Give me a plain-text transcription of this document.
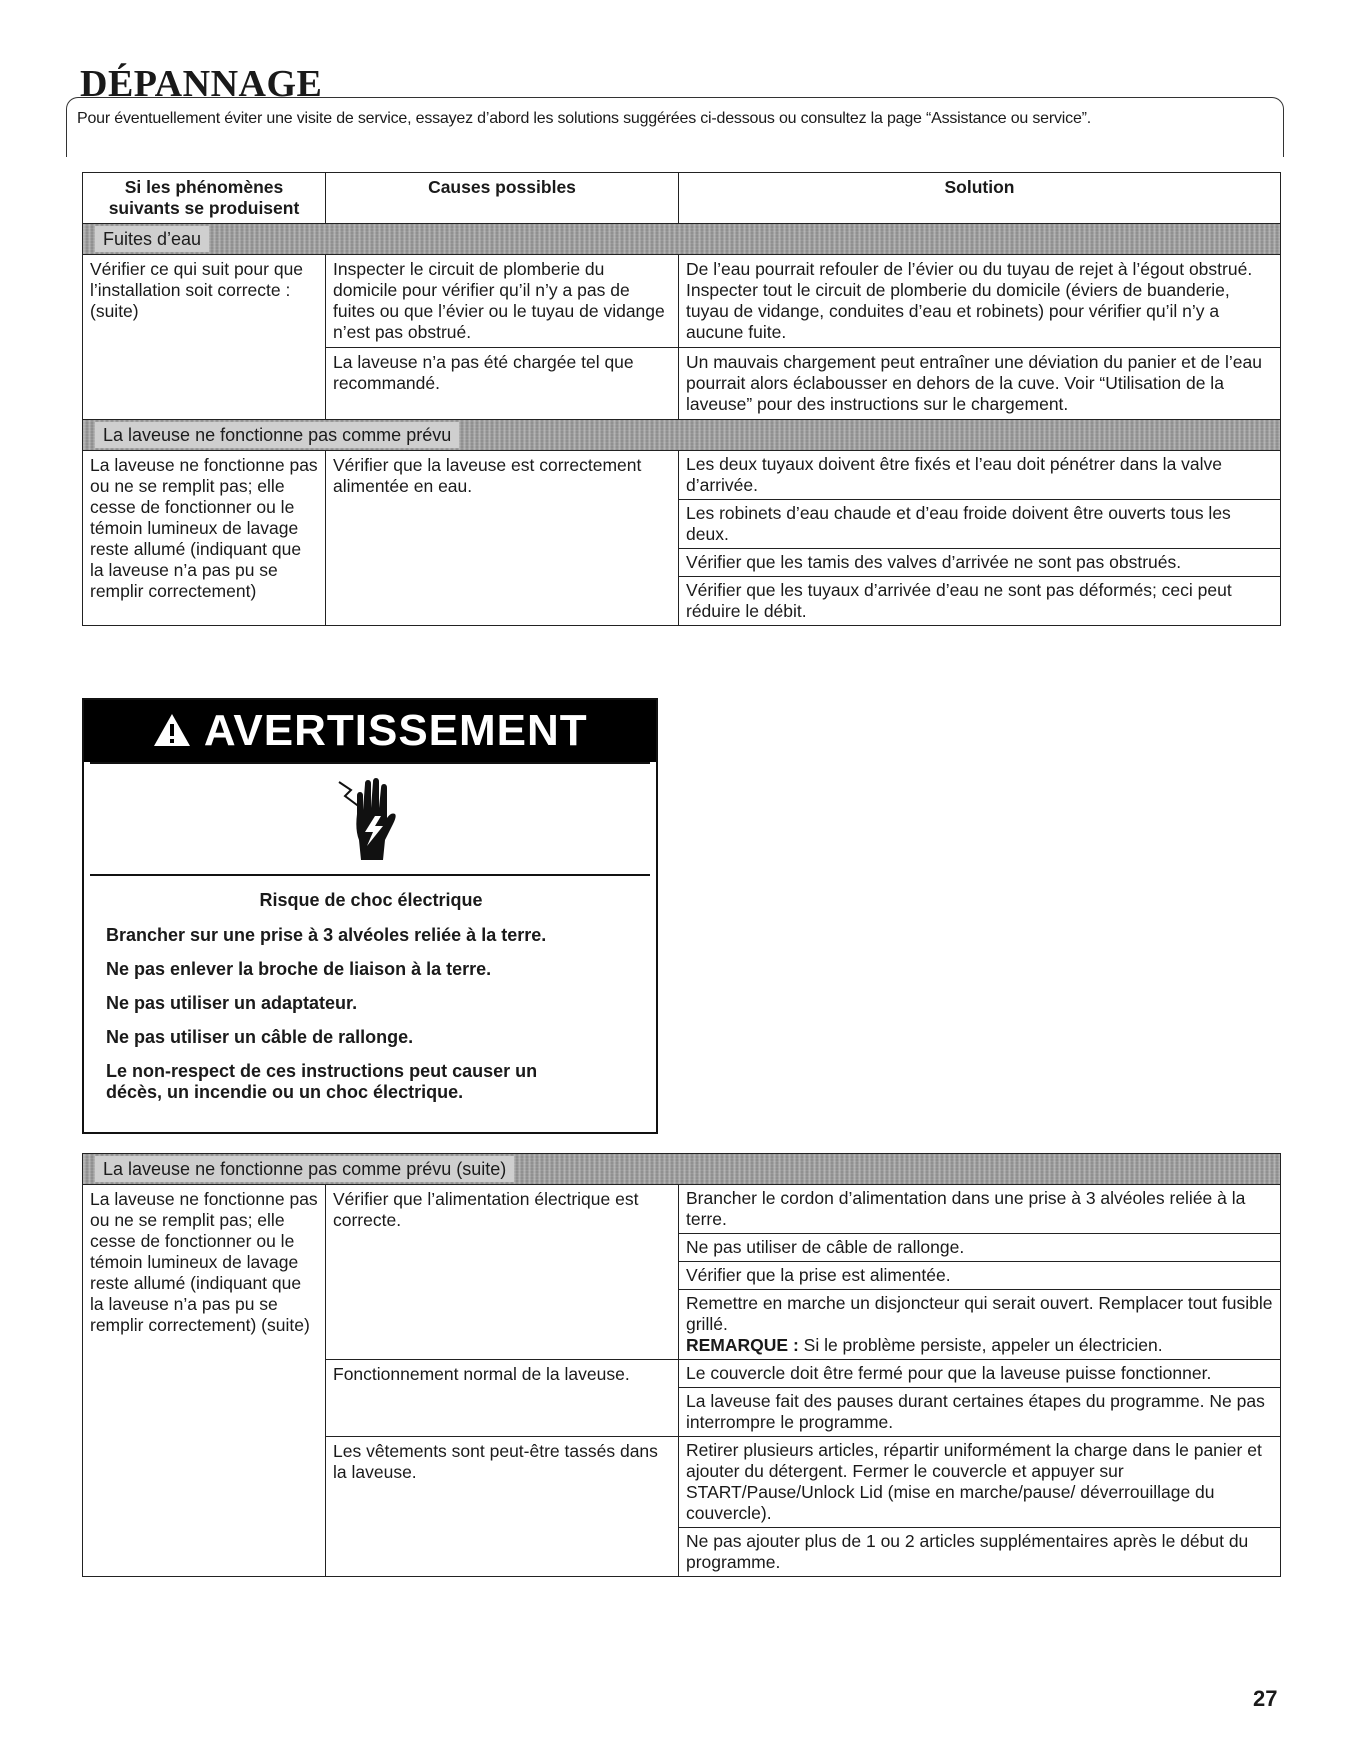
DÉPANNAGE
Pour éventuellement éviter une visite de service, essayez d’abord les solutions suggérées ci-dessous ou consultez la page “Assistance ou service”.
Si les phénomènes suivants se produisent	Causes possibles	Solution
Fuites d’eau		
Vérifier ce qui suit pour que l’installation soit correcte : (suite)	Inspecter le circuit de plomberie du domicile pour vérifier qu’il n’y a pas de fuites ou que l’évier ou le tuyau de vidange n’est pas obstrué.	De l’eau pourrait refouler de l’évier ou du tuyau de rejet à l’égout obstrué. Inspecter tout le circuit de plomberie du domicile (éviers de buanderie, tuyau de vidange, conduites d’eau et robinets) pour vérifier qu’il n’y a aucune fuite.
	La laveuse n’a pas été chargée tel que recommandé.	Un mauvais chargement peut entraîner une déviation du panier et de l’eau pourrait alors éclabousser en dehors de la cuve. Voir “Utilisation de la laveuse” pour des instructions sur le chargement.
La laveuse ne fonctionne pas comme prévu		
La laveuse ne fonctionne pas ou ne se remplit pas; elle cesse de fonctionner ou le témoin lumineux de lavage reste allumé (indiquant que la laveuse n’a pas pu se remplir correctement)	Vérifier que la laveuse est correctement alimentée en eau.	Les deux tuyaux doivent être fixés et l’eau doit pénétrer dans la valve d’arrivée.
Les robinets d’eau chaude et d’eau froide doivent être ouverts tous les deux.
Vérifier que les tamis des valves d’arrivée ne sont pas obstrués.
Vérifier que les tuyaux d’arrivée d’eau ne sont pas déformés; ceci peut réduire le débit.
AVERTISSEMENT
Risque de choc électrique
Brancher sur une prise à 3 alvéoles reliée à la terre.
Ne pas enlever la broche de liaison à la terre.
Ne pas utiliser un adaptateur.
Ne pas utiliser un câble de rallonge.
Le non-respect de ces instructions peut causer un décès, un incendie ou un choc électrique.
La laveuse ne fonctionne pas comme prévu (suite)		
La laveuse ne fonctionne pas ou ne se remplit pas; elle cesse de fonctionner ou le témoin lumineux de lavage reste allumé (indiquant que la laveuse n’a pas pu se remplir correctement) (suite)	Vérifier que l’alimentation électrique est correcte.	Brancher le cordon d’alimentation dans une prise à 3 alvéoles reliée à la terre.
Ne pas utiliser de câble de rallonge.
Vérifier que la prise est alimentée.
Remettre en marche un disjoncteur qui serait ouvert. Remplacer tout fusible grillé.
REMARQUE : Si le problème persiste, appeler un électricien.

	Fonctionnement normal de la laveuse.	Le couvercle doit être fermé pour que la laveuse puisse fonctionner.
La laveuse fait des pauses durant certaines étapes du programme. Ne pas interrompre le programme.

	Les vêtements sont peut-être tassés dans la laveuse.	Retirer plusieurs articles, répartir uniformément la charge dans le panier et ajouter du détergent. Fermer le couvercle et appuyer sur START/Pause/Unlock Lid (mise en marche/pause/ déverrouillage du couvercle).
Ne pas ajouter plus de 1 ou 2 articles supplémentaires après le début du programme.
27
